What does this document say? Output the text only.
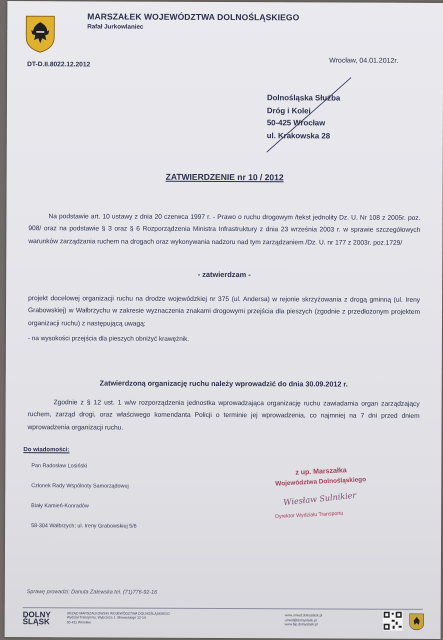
MARSZAŁEK WOJEWÓDZTWA DOLNOŚLĄSKIEGO
Rafał Jurkowlaniec
DT-D.II.8022.12.2012
Wrocław, 04.01.2012r.
Dolnośląska Służba
Dróg i Kolei
50-425 Wrocław
ul. Krakowska 28
ZATWIERDZENIE nr 10 / 2012
Na podstawie art. 10 ustawy z dnia 20 czerwca 1997 r. - Prawo o ruchu drogowym /tekst jednolity Dz. U. Nr 108 z 2005r. poz. 908/ oraz na podstawie § 3 oraz § 6 Rozporządzenia Ministra Infrastruktury z dnia 23 września 2003 r. w sprawie szczegółowych warunków zarządzania ruchem na drogach oraz wykonywania nadzoru nad tym zarządzaniem /Dz. U. nr 177 z 2003r. poz.1729/
- zatwierdzam -
projekt docelowej organizacji ruchu na drodze wojewódzkiej nr 375 (ul. Andersa) w rejonie skrzyżowania z drogą gminną (ul. Ireny Grabowskiej) w Wałbrzychu w zakresie wyznaczenia znakami drogowymi przejścia dla pieszych (zgodnie z przedłożonym projektem organizacji ruchu) z następującą uwagą:
- na wysokości przejścia dla pieszych obniżyć krawężnik.
Zatwierdzoną organizację ruchu należy wprowadzić do dnia 30.09.2012 r.
Zgodnie z § 12 ust. 1 w/w rozporządzenia jednostka wprowadzająca organizację ruchu zawiadamia organ zarządzający ruchem, zarząd drogi, oraz właściwego komendanta Policji o terminie jej wprowadzenia, co najmniej na 7 dni przed dniem wprowadzenia organizacji ruchu.
Do wiadomości:
Pan Radosław Losiński
Członek Rady Wspólnoty Samorządowej
Biały Kamień-Konradów
58-304 Wałbrzych; ul. Ireny Grabowskiej 5/6
z up. Marszałka
Województwa Dolnośląskiego
Wiesław Sulnikier
Dyrektor Wydziału Transportu
Sprawę prowadzi: Danuta Zalewska tel. (71)776-92-16
DOLNY
ŚLĄSK
URZĄD MARSZAŁKOWSKI WOJEWÓDZTWA DOLNOŚLĄSKIEGO
Wydział Transportu, Wybrzeże J. Słowackiego 12-14
50-411 Wrocław
www.umwd.dolnyslask.pl
umwd@dolnyslask.pl
www.bip.dolnyslask.pl
